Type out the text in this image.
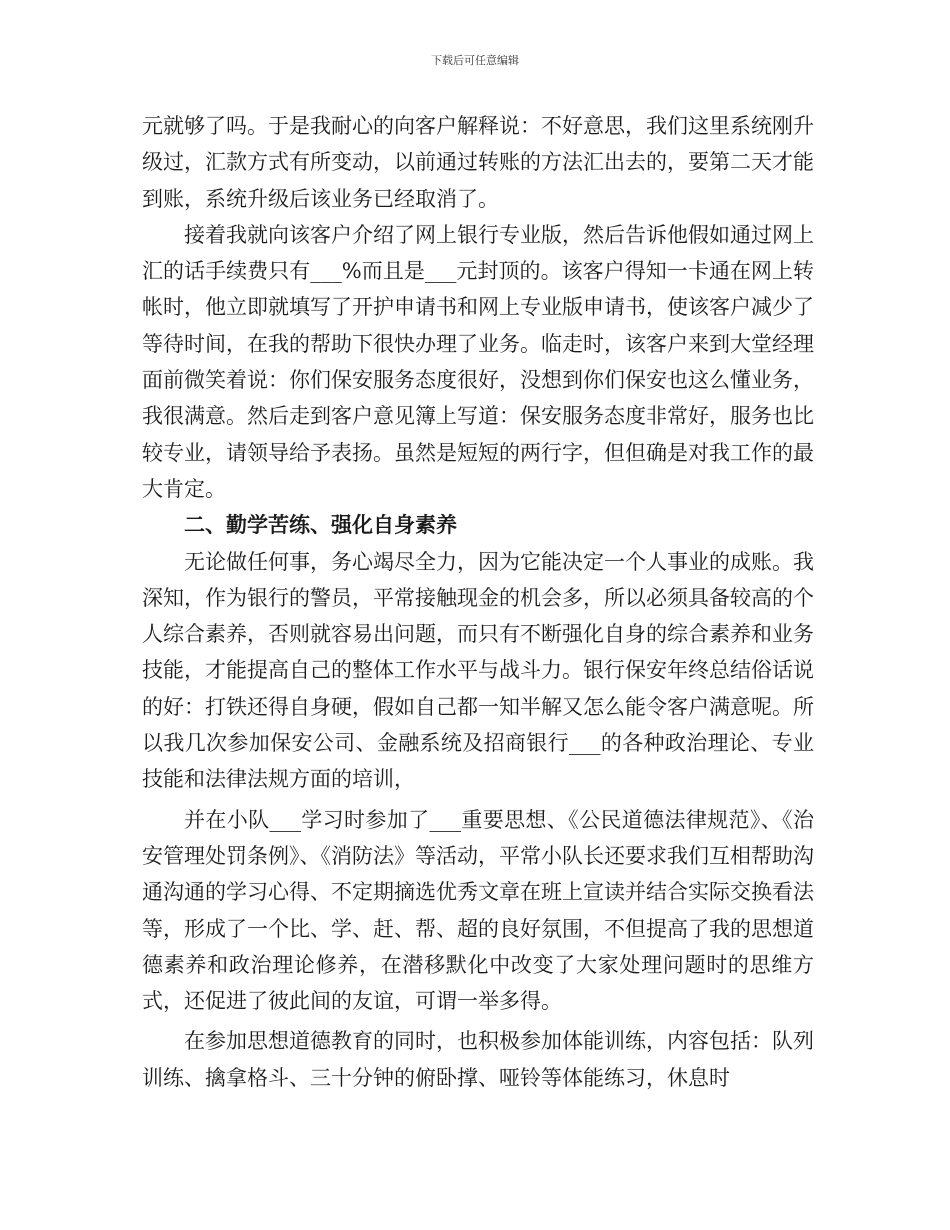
下载后可任意编辑

元就够了吗。于是我耐心的向客户解释说：不好意思，我们这里系统刚升级过，汇款方式有所变动，以前通过转账的方法汇出去的，要第二天才能到账，系统升级后该业务已经取消了。

接着我就向该客户介绍了网上银行专业版，然后告诉他假如通过网上汇的话手续费只有___%而且是___元封顶的。该客户得知一卡通在网上转帐时，他立即就填写了开护申请书和网上专业版申请书，使该客户减少了等待时间，在我的帮助下很快办理了业务。临走时，该客户来到大堂经理面前微笑着说：你们保安服务态度很好，没想到你们保安也这么懂业务，我很满意。然后走到客户意见簿上写道：保安服务态度非常好，服务也比较专业，请领导给予表扬。虽然是短短的两行字，但但确是对我工作的最大肯定。

二、勤学苦练、强化自身素养

无论做任何事，务心竭尽全力，因为它能决定一个人事业的成账。我深知，作为银行的警员，平常接触现金的机会多，所以必须具备较高的个人综合素养，否则就容易出问题，而只有不断强化自身的综合素养和业务技能，才能提高自己的整体工作水平与战斗力。银行保安年终总结俗话说的好：打铁还得自身硬，假如自己都一知半解又怎么能令客户满意呢。所以我几次参加保安公司、金融系统及招商银行___的各种政治理论、专业技能和法律法规方面的培训，

并在小队___学习时参加了___重要思想、《公民道德法律规范》、《治安管理处罚条例》、《消防法》等活动，平常小队长还要求我们互相帮助沟通沟通的学习心得、不定期摘选优秀文章在班上宣读并结合实际交换看法等，形成了一个比、学、赶、帮、超的良好氛围，不但提高了我的思想道德素养和政治理论修养，在潜移默化中改变了大家处理问题时的思维方式，还促进了彼此间的友谊，可谓一举多得。

在参加思想道德教育的同时，也积极参加体能训练，内容包括：队列训练、擒拿格斗、三十分钟的俯卧撑、哑铃等体能练习，休息时
